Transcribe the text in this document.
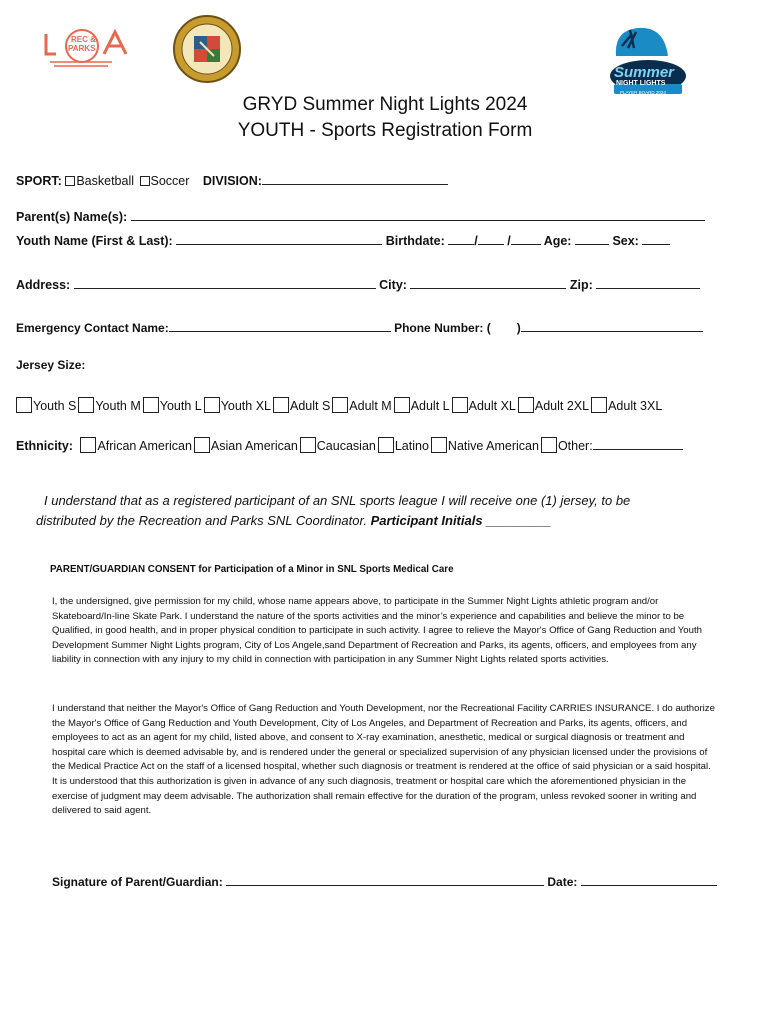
REC &
PARKS
Summer
NIGHT LIGHTS
PLAYER BOARD 2024
GRYD Summer Night Lights 2024
YOUTH - Sports Registration Form
SPORT: Basketball Soccer DIVISION:
Parent(s) Name(s):
Youth Name (First & Last):	Birthdate: / /	Age:	Sex:
Address:	City:	Zip:
Emergency Contact Name:	Phone Number: ( )
Jersey Size:
Youth S Youth M Youth L Youth XL Adult S Adult M Adult L Adult XL Adult 2XL Adult 3XL
Ethnicity: African American Asian American Caucasian Latino Native American Other:
I understand that as a registered participant of an SNL sports league I will receive one (1) jersey, to be
distributed by the Recreation and Parks SNL Coordinator. Participant Initials _________
PARENT/GUARDIAN CONSENT for Participation of a Minor in SNL Sports Medical Care
I, the undersigned, give permission for my child, whose name appears above, to participate in the Summer Night Lights athletic program and/or Skateboard/In-line Skate Park. I understand the nature of the sports activities and the minor’s experience and capabilities and believe the minor to be Qualified, in good health, and in proper physical condition to participate in such activity. I agree to relieve the Mayor's Office of Gang Reduction and Youth Development Summer Night Lights program, City of Los Angele,sand Department of Recreation and Parks, its agents, officers, and employees from any liability in connection with any injury to my child in connection with participation in any Summer Night Lights related sports activities.
I understand that neither the Mayor's Office of Gang Reduction and Youth Development, nor the Recreational Facility CARRIES INSURANCE. I do authorize the Mayor's Office of Gang Reduction and Youth Development, City of Los Angeles, and Department of Recreation and Parks, its agents, officers, and employees to act as an agent for my child, listed above, and consent to X-ray examination, anesthetic, medical or surgical diagnosis or treatment and hospital care which is deemed advisable by, and is rendered under the general or specialized supervision of any physician licensed under the provisions of the Medical Practice Act on the staff of a licensed hospital, whether such diagnosis or treatment is rendered at the office of said physician or a said hospital. It is understood that this authorization is given in advance of any such diagnosis, treatment or hospital care which the aforementioned physician in the exercise of judgment may deem advisable. The authorization shall remain effective for the duration of the program, unless revoked sooner in writing and delivered to said agent.
Signature of Parent/Guardian:	Date:
